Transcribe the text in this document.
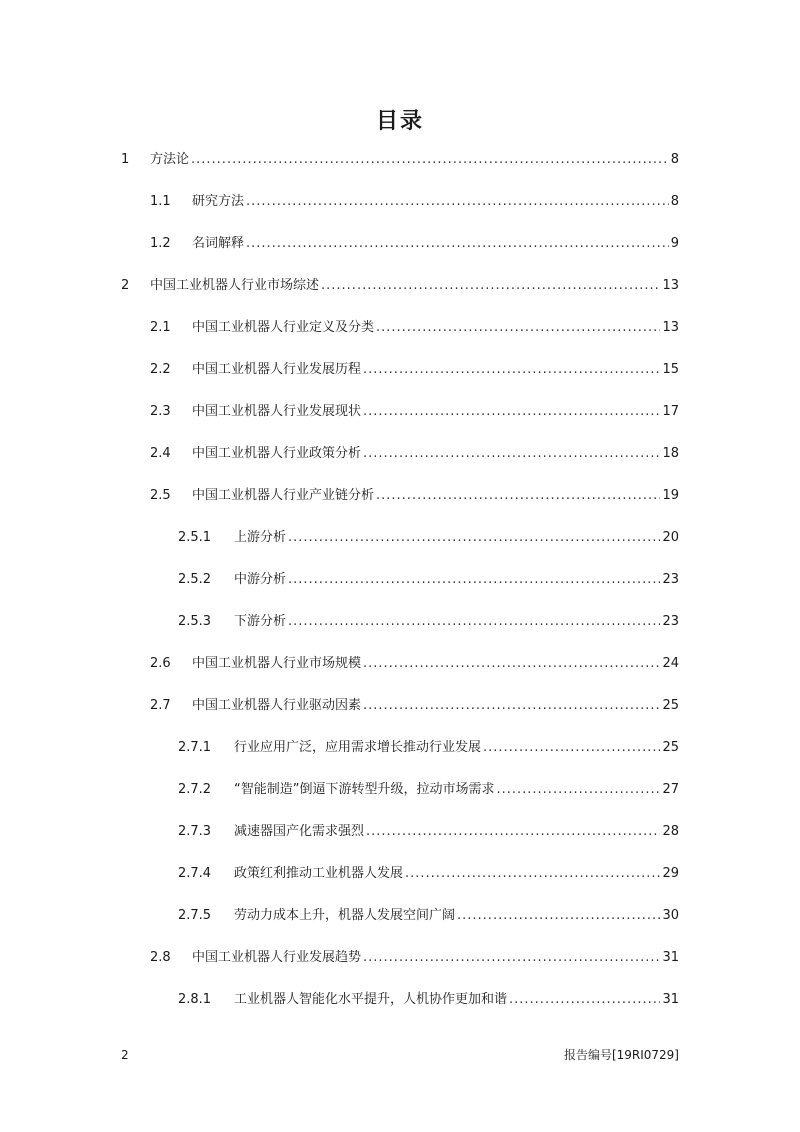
目录
1 方法论 .....	8
1.1 研究方法 .....	8
1.2 名词解释 .....	9
2 中国工业机器人行业市场综述 .....	13
2.1 中国工业机器人行业定义及分类 .....	13
2.2 中国工业机器人行业发展历程 .....	15
2.3 中国工业机器人行业发展现状 .....	17
2.4 中国工业机器人行业政策分析 .....	18
2.5 中国工业机器人行业产业链分析 .....	19
2.5.1 上游分析 .....	20
2.5.2 中游分析 .....	23
2.5.3 下游分析 .....	23
2.6 中国工业机器人行业市场规模 .....	24
2.7 中国工业机器人行业驱动因素 .....	25
2.7.1 行业应用广泛，应用需求增长推动行业发展 .....	25
2.7.2 “智能制造”倒逼下游转型升级，拉动市场需求 .....	27
2.7.3 减速器国产化需求强烈 .....	28
2.7.4 政策红利推动工业机器人发展 .....	29
2.7.5 劳动力成本上升，机器人发展空间广阔 .....	30
2.8 中国工业机器人行业发展趋势 .....	31
2.8.1 工业机器人智能化水平提升，人机协作更加和谐 .....	31
2	报告编号[19RI0729]
